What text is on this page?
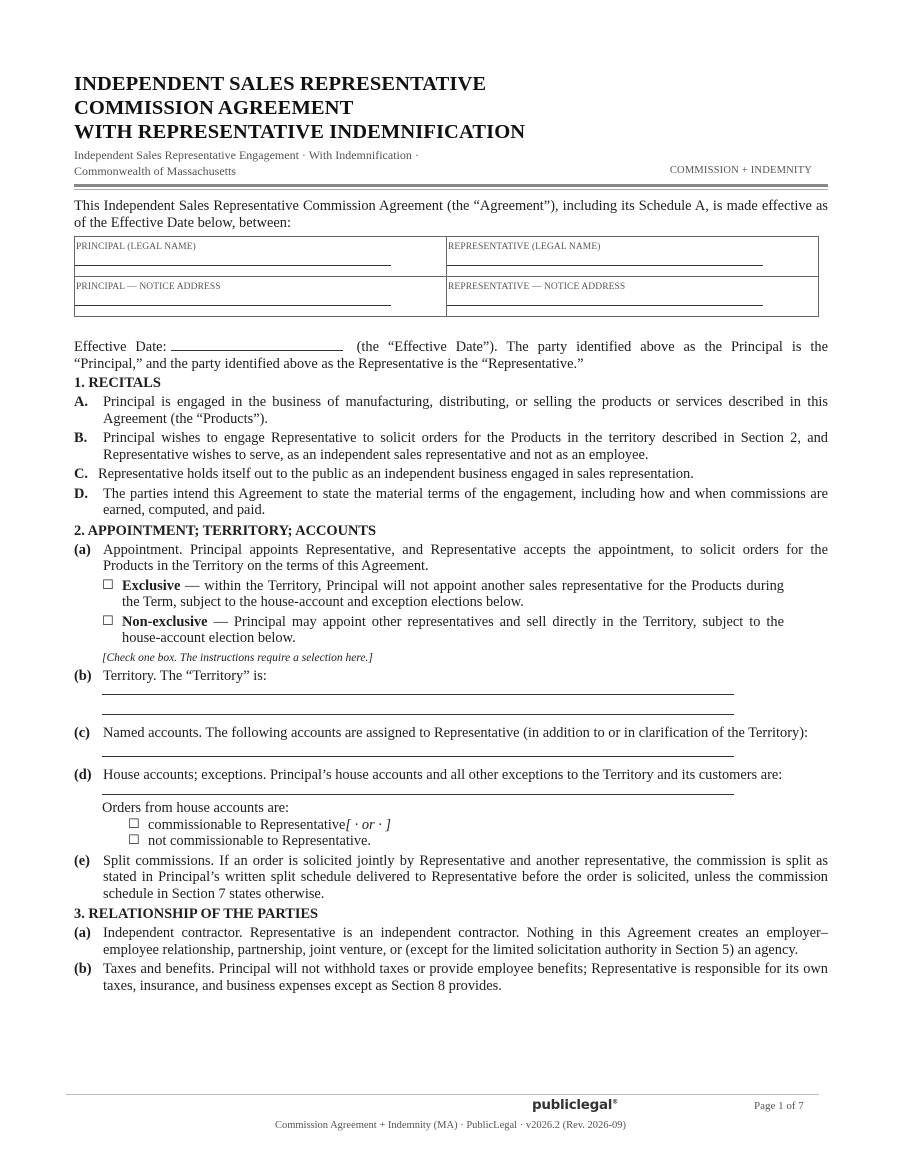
INDEPENDENT SALES REPRESENTATIVE
COMMISSION AGREEMENT
WITH REPRESENTATIVE INDEMNIFICATION
Independent Sales Representative Engagement · With Indemnification ·
Commonwealth of Massachusetts	COMMISSION + INDEMNITY

This Independent Sales Representative Commission Agreement (the “Agreement”), including its Schedule A, is made effective as of the Effective Date below, between:

PRINCIPAL (LEGAL NAME)	REPRESENTATIVE (LEGAL NAME)

PRINCIPAL — NOTICE ADDRESS	REPRESENTATIVE — NOTICE ADDRESS

Effective Date:	(the “Effective Date”). The party identified above as the Principal is the “Principal,” and the party identified above as the Representative is the “Representative.”

1. RECITALS
A.	Principal is engaged in the business of manufacturing, distributing, or selling the products or services described in this Agreement (the “Products”).
B.	Principal wishes to engage Representative to solicit orders for the Products in the territory described in Section 2, and Representative wishes to serve, as an independent sales representative and not as an employee.
C. Representative holds itself out to the public as an independent business engaged in sales representation.
D.	The parties intend this Agreement to state the material terms of the engagement, including how and when commissions are earned, computed, and paid.
2. APPOINTMENT; TERRITORY; ACCOUNTS
(a) Appointment. Principal appoints Representative, and Representative accepts the appointment, to solicit orders for the Products in the Territory on the terms of this Agreement.
☐ Exclusive — within the Territory, Principal will not appoint another sales representative for the Products during the Term, subject to the house-account and exception elections below.
☐ Non-exclusive — Principal may appoint other representatives and sell directly in the Territory, subject to the house-account election below.
[Check one box. The instructions require a selection here.]
(b) Territory. The “Territory” is:
(c) Named accounts. The following accounts are assigned to Representative (in addition to or in clarification of the Territory):
(d) House accounts; exceptions. Principal’s house accounts and all other exceptions to the Territory and its customers are:

Orders from house accounts are:

☐ commissionable to Representative[ · or · ]
☐ not commissionable to Representative.
(e) Split commissions. If an order is solicited jointly by Representative and another representative, the commission is split as stated in Principal’s written split schedule delivered to Representative before the order is solicited, unless the commission schedule in Section 7 states otherwise.
3. RELATIONSHIP OF THE PARTIES
(a) Independent contractor. Representative is an independent contractor. Nothing in this Agreement creates an employer–employee relationship, partnership, joint venture, or (except for the limited solicitation authority in Section 5) an agency.
(b) Taxes and benefits. Principal will not withhold taxes or provide employee benefits; Representative is responsible for its own taxes, insurance, and business expenses except as Section 8 provides.
publiclegal®	Page 1 of 7
Commission Agreement + Indemnity (MA) · PublicLegal · v2026.2 (Rev. 2026-09)
